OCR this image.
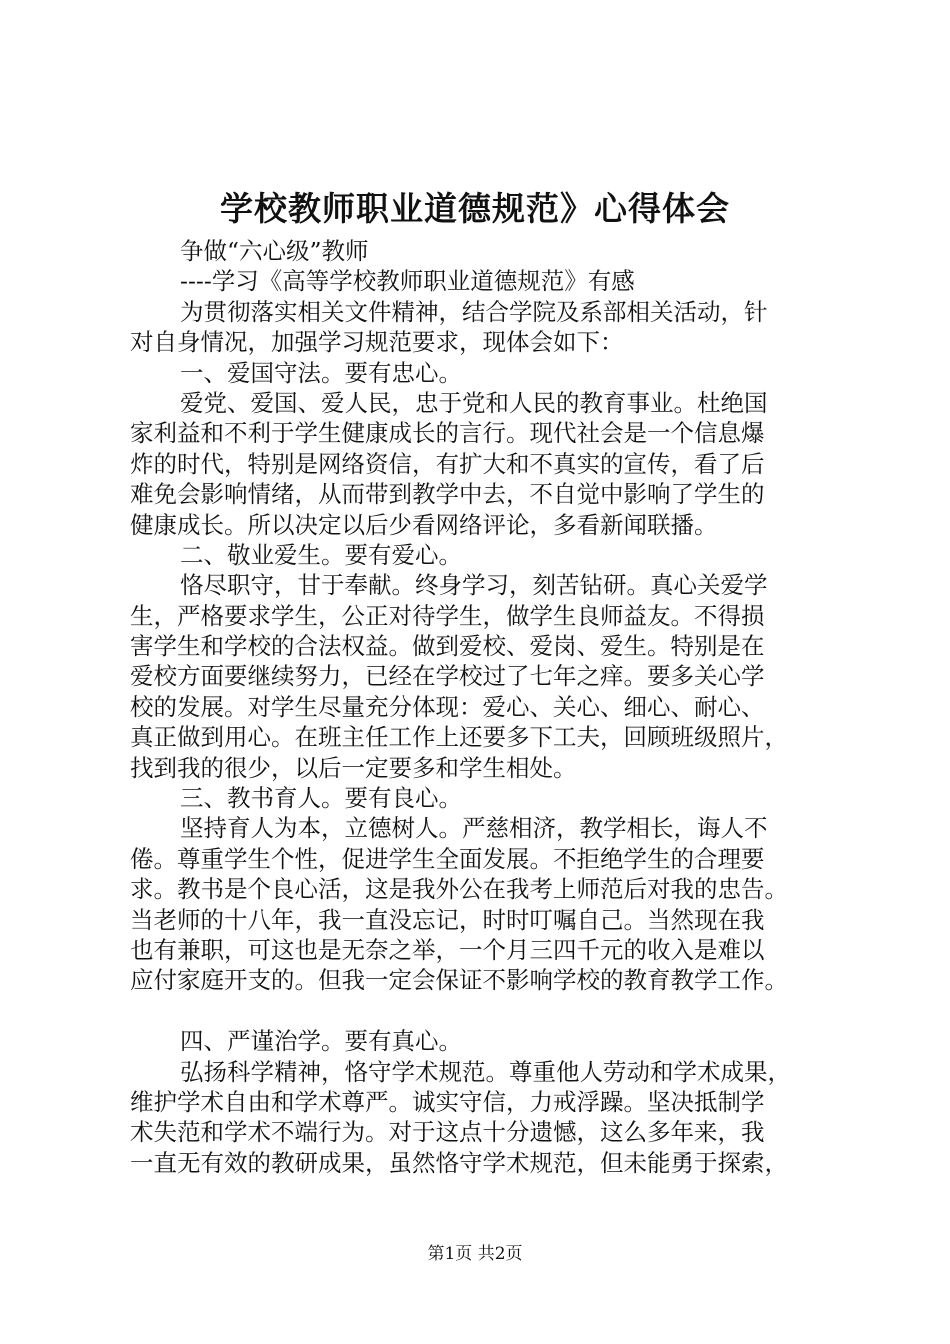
学校教师职业道德规范》心得体会
争做“六心级”教师
----学习《高等学校教师职业道德规范》有感
为贯彻落实相关文件精神，结合学院及系部相关活动，针
对自身情况，加强学习规范要求，现体会如下：
一、爱国守法。要有忠心。
爱党、爱国、爱人民，忠于党和人民的教育事业。杜绝国
家利益和不利于学生健康成长的言行。现代社会是一个信息爆
炸的时代，特别是网络资信，有扩大和不真实的宣传，看了后
难免会影响情绪，从而带到教学中去，不自觉中影响了学生的
健康成长。所以决定以后少看网络评论，多看新闻联播。
二、敬业爱生。要有爱心。
恪尽职守，甘于奉献。终身学习，刻苦钻研。真心关爱学
生，严格要求学生，公正对待学生，做学生良师益友。不得损
害学生和学校的合法权益。做到爱校、爱岗、爱生。特别是在
爱校方面要继续努力，已经在学校过了七年之痒。要多关心学
校的发展。对学生尽量充分体现：爱心、关心、细心、耐心、
真正做到用心。在班主任工作上还要多下工夫，回顾班级照片，
找到我的很少，以后一定要多和学生相处。
三、教书育人。要有良心。
坚持育人为本，立德树人。严慈相济，教学相长，诲人不
倦。尊重学生个性，促进学生全面发展。不拒绝学生的合理要
求。教书是个良心活，这是我外公在我考上师范后对我的忠告。
当老师的十八年，我一直没忘记，时时叮嘱自己。当然现在我
也有兼职，可这也是无奈之举，一个月三四千元的收入是难以
应付家庭开支的。但我一定会保证不影响学校的教育教学工作。
四、严谨治学。要有真心。
弘扬科学精神，恪守学术规范。尊重他人劳动和学术成果，
维护学术自由和学术尊严。诚实守信，力戒浮躁。坚决抵制学
术失范和学术不端行为。对于这点十分遗憾，这么多年来，我
一直无有效的教研成果，虽然恪守学术规范，但未能勇于探索，
第1页 共2页
